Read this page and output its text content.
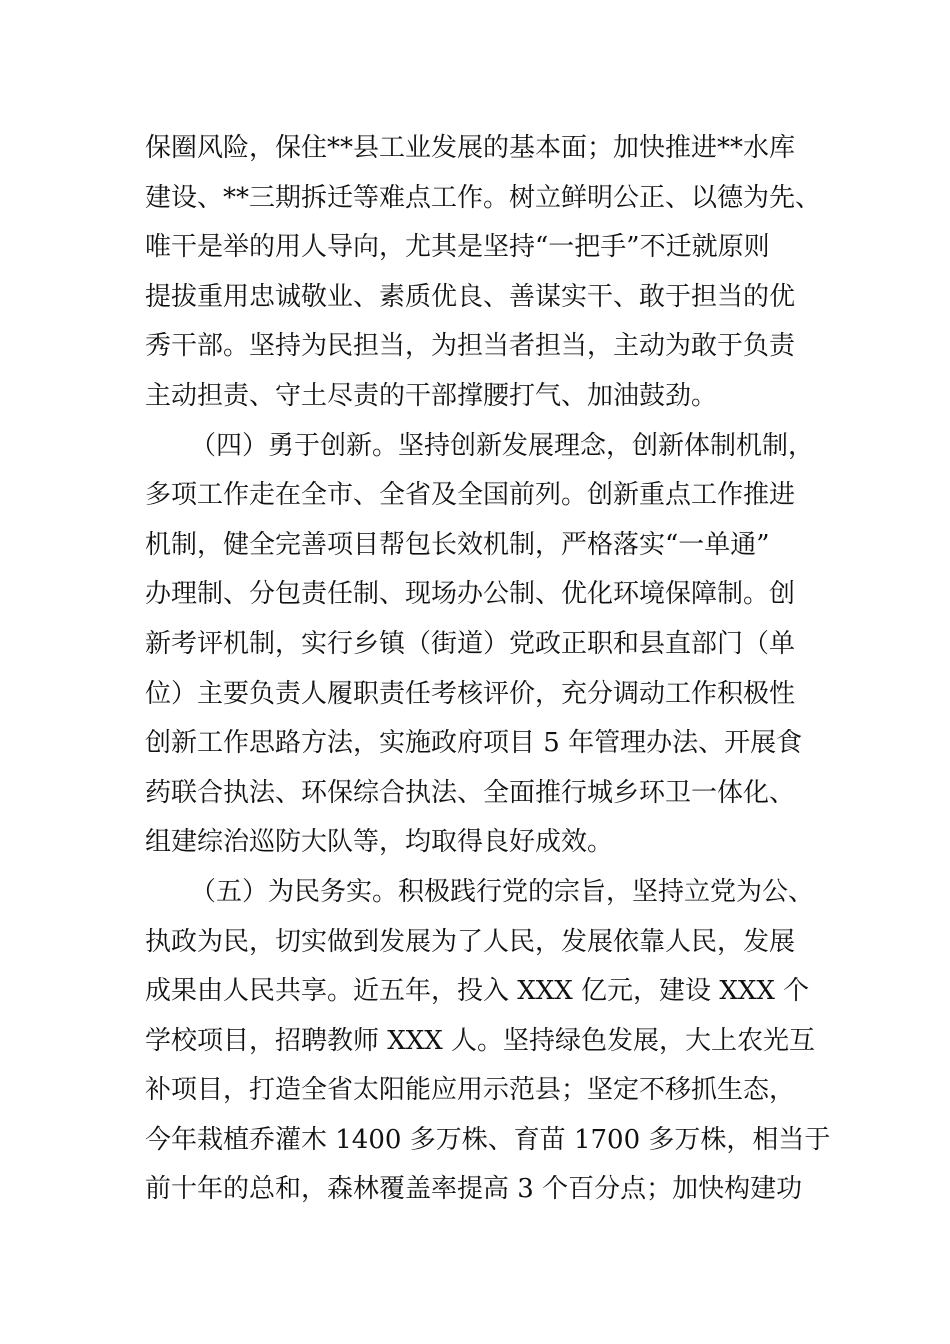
保圈风险，保住**县工业发展的基本面；加快推进**水库
建设、**三期拆迁等难点工作。树立鲜明公正、以德为先、
唯干是举的用人导向，尤其是坚持“一把手”不迁就原则
提拔重用忠诚敬业、素质优良、善谋实干、敢于担当的优
秀干部。坚持为民担当，为担当者担当，主动为敢于负责
主动担责、守土尽责的干部撑腰打气、加油鼓劲。
（四）勇于创新。坚持创新发展理念，创新体制机制，
多项工作走在全市、全省及全国前列。创新重点工作推进
机制，健全完善项目帮包长效机制，严格落实“一单通”
办理制、分包责任制、现场办公制、优化环境保障制。创
新考评机制，实行乡镇（街道）党政正职和县直部门（单
位）主要负责人履职责任考核评价，充分调动工作积极性
创新工作思路方法，实施政府项目 5 年管理办法、开展食
药联合执法、环保综合执法、全面推行城乡环卫一体化、
组建综治巡防大队等，均取得良好成效。
（五）为民务实。积极践行党的宗旨，坚持立党为公、
执政为民，切实做到发展为了人民，发展依靠人民，发展
成果由人民共享。近五年，投入 XXX 亿元，建设 XXX 个
学校项目，招聘教师 XXX 人。坚持绿色发展，大上农光互
补项目，打造全省太阳能应用示范县；坚定不移抓生态，
今年栽植乔灌木 1400 多万株、育苗 1700 多万株，相当于
前十年的总和，森林覆盖率提高 3 个百分点；加快构建功
